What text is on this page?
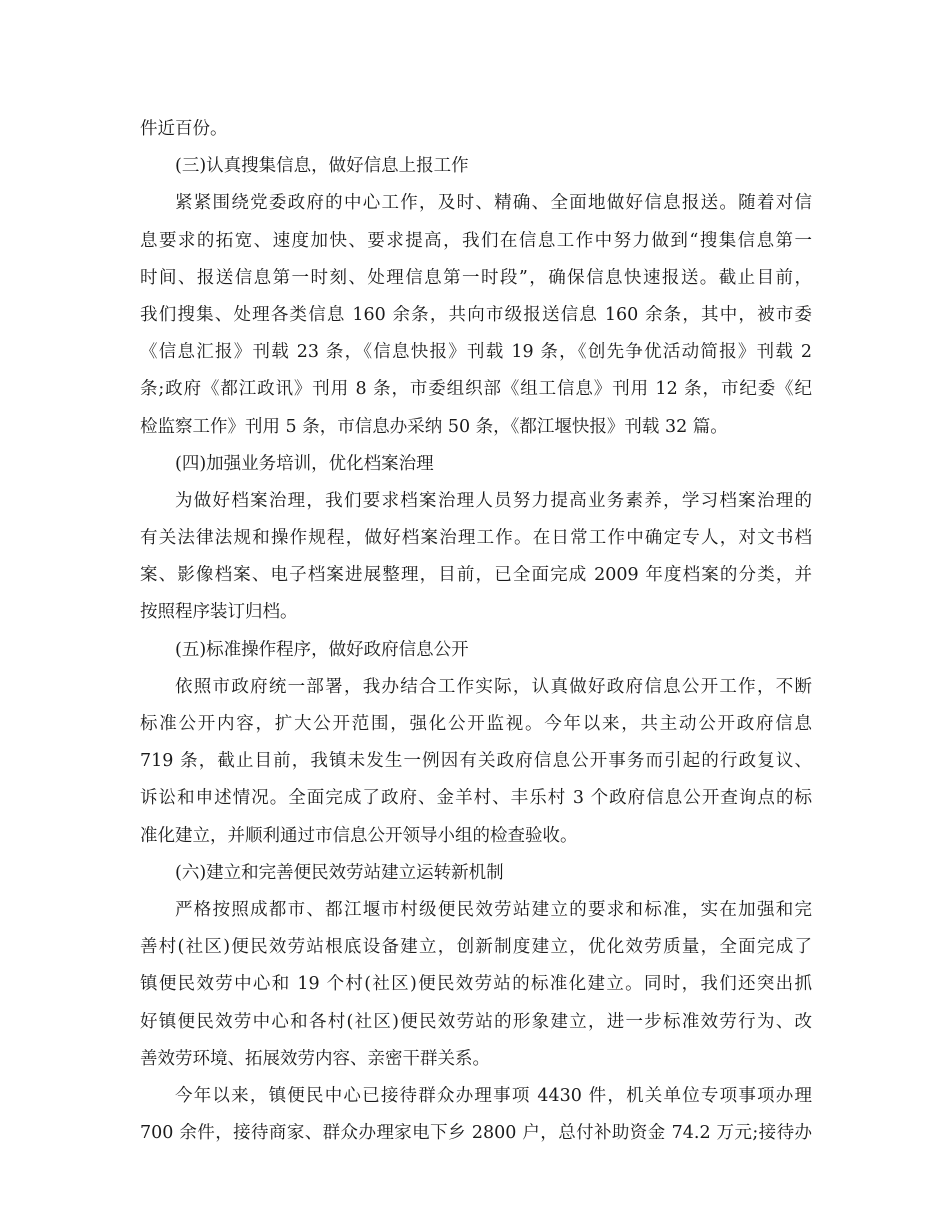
件近百份。
(三)认真搜集信息，做好信息上报工作
紧紧围绕党委政府的中心工作，及时、精确、全面地做好信息报送。随着对信
息要求的拓宽、速度加快、要求提高，我们在信息工作中努力做到“搜集信息第一
时间、报送信息第一时刻、处理信息第一时段”，确保信息快速报送。截止目前，
我们搜集、处理各类信息 160 余条，共向市级报送信息 160 余条，其中，被市委
《信息汇报》刊载 23 条，《信息快报》刊载 19 条，《创先争优活动简报》刊载 2
条;政府《都江政讯》刊用 8 条，市委组织部《组工信息》刊用 12 条，市纪委《纪
检监察工作》刊用 5 条，市信息办采纳 50 条，《都江堰快报》刊载 32 篇。
(四)加强业务培训，优化档案治理
为做好档案治理，我们要求档案治理人员努力提高业务素养，学习档案治理的
有关法律法规和操作规程，做好档案治理工作。在日常工作中确定专人，对文书档
案、影像档案、电子档案进展整理，目前，已全面完成 2009 年度档案的分类，并
按照程序装订归档。
(五)标准操作程序，做好政府信息公开
依照市政府统一部署，我办结合工作实际，认真做好政府信息公开工作，不断
标准公开内容，扩大公开范围，强化公开监视。今年以来，共主动公开政府信息
719 条，截止目前，我镇未发生一例因有关政府信息公开事务而引起的行政复议、
诉讼和申述情况。全面完成了政府、金羊村、丰乐村 3 个政府信息公开查询点的标
准化建立，并顺利通过市信息公开领导小组的检查验收。
(六)建立和完善便民效劳站建立运转新机制
严格按照成都市、都江堰市村级便民效劳站建立的要求和标准，实在加强和完
善村(社区)便民效劳站根底设备建立，创新制度建立，优化效劳质量，全面完成了
镇便民效劳中心和 19 个村(社区)便民效劳站的标准化建立。同时，我们还突出抓
好镇便民效劳中心和各村(社区)便民效劳站的形象建立，进一步标准效劳行为、改
善效劳环境、拓展效劳内容、亲密干群关系。
今年以来，镇便民中心已接待群众办理事项 4430 件，机关单位专项事项办理
700 余件，接待商家、群众办理家电下乡 2800 户，总付补助资金 74.2 万元;接待办
